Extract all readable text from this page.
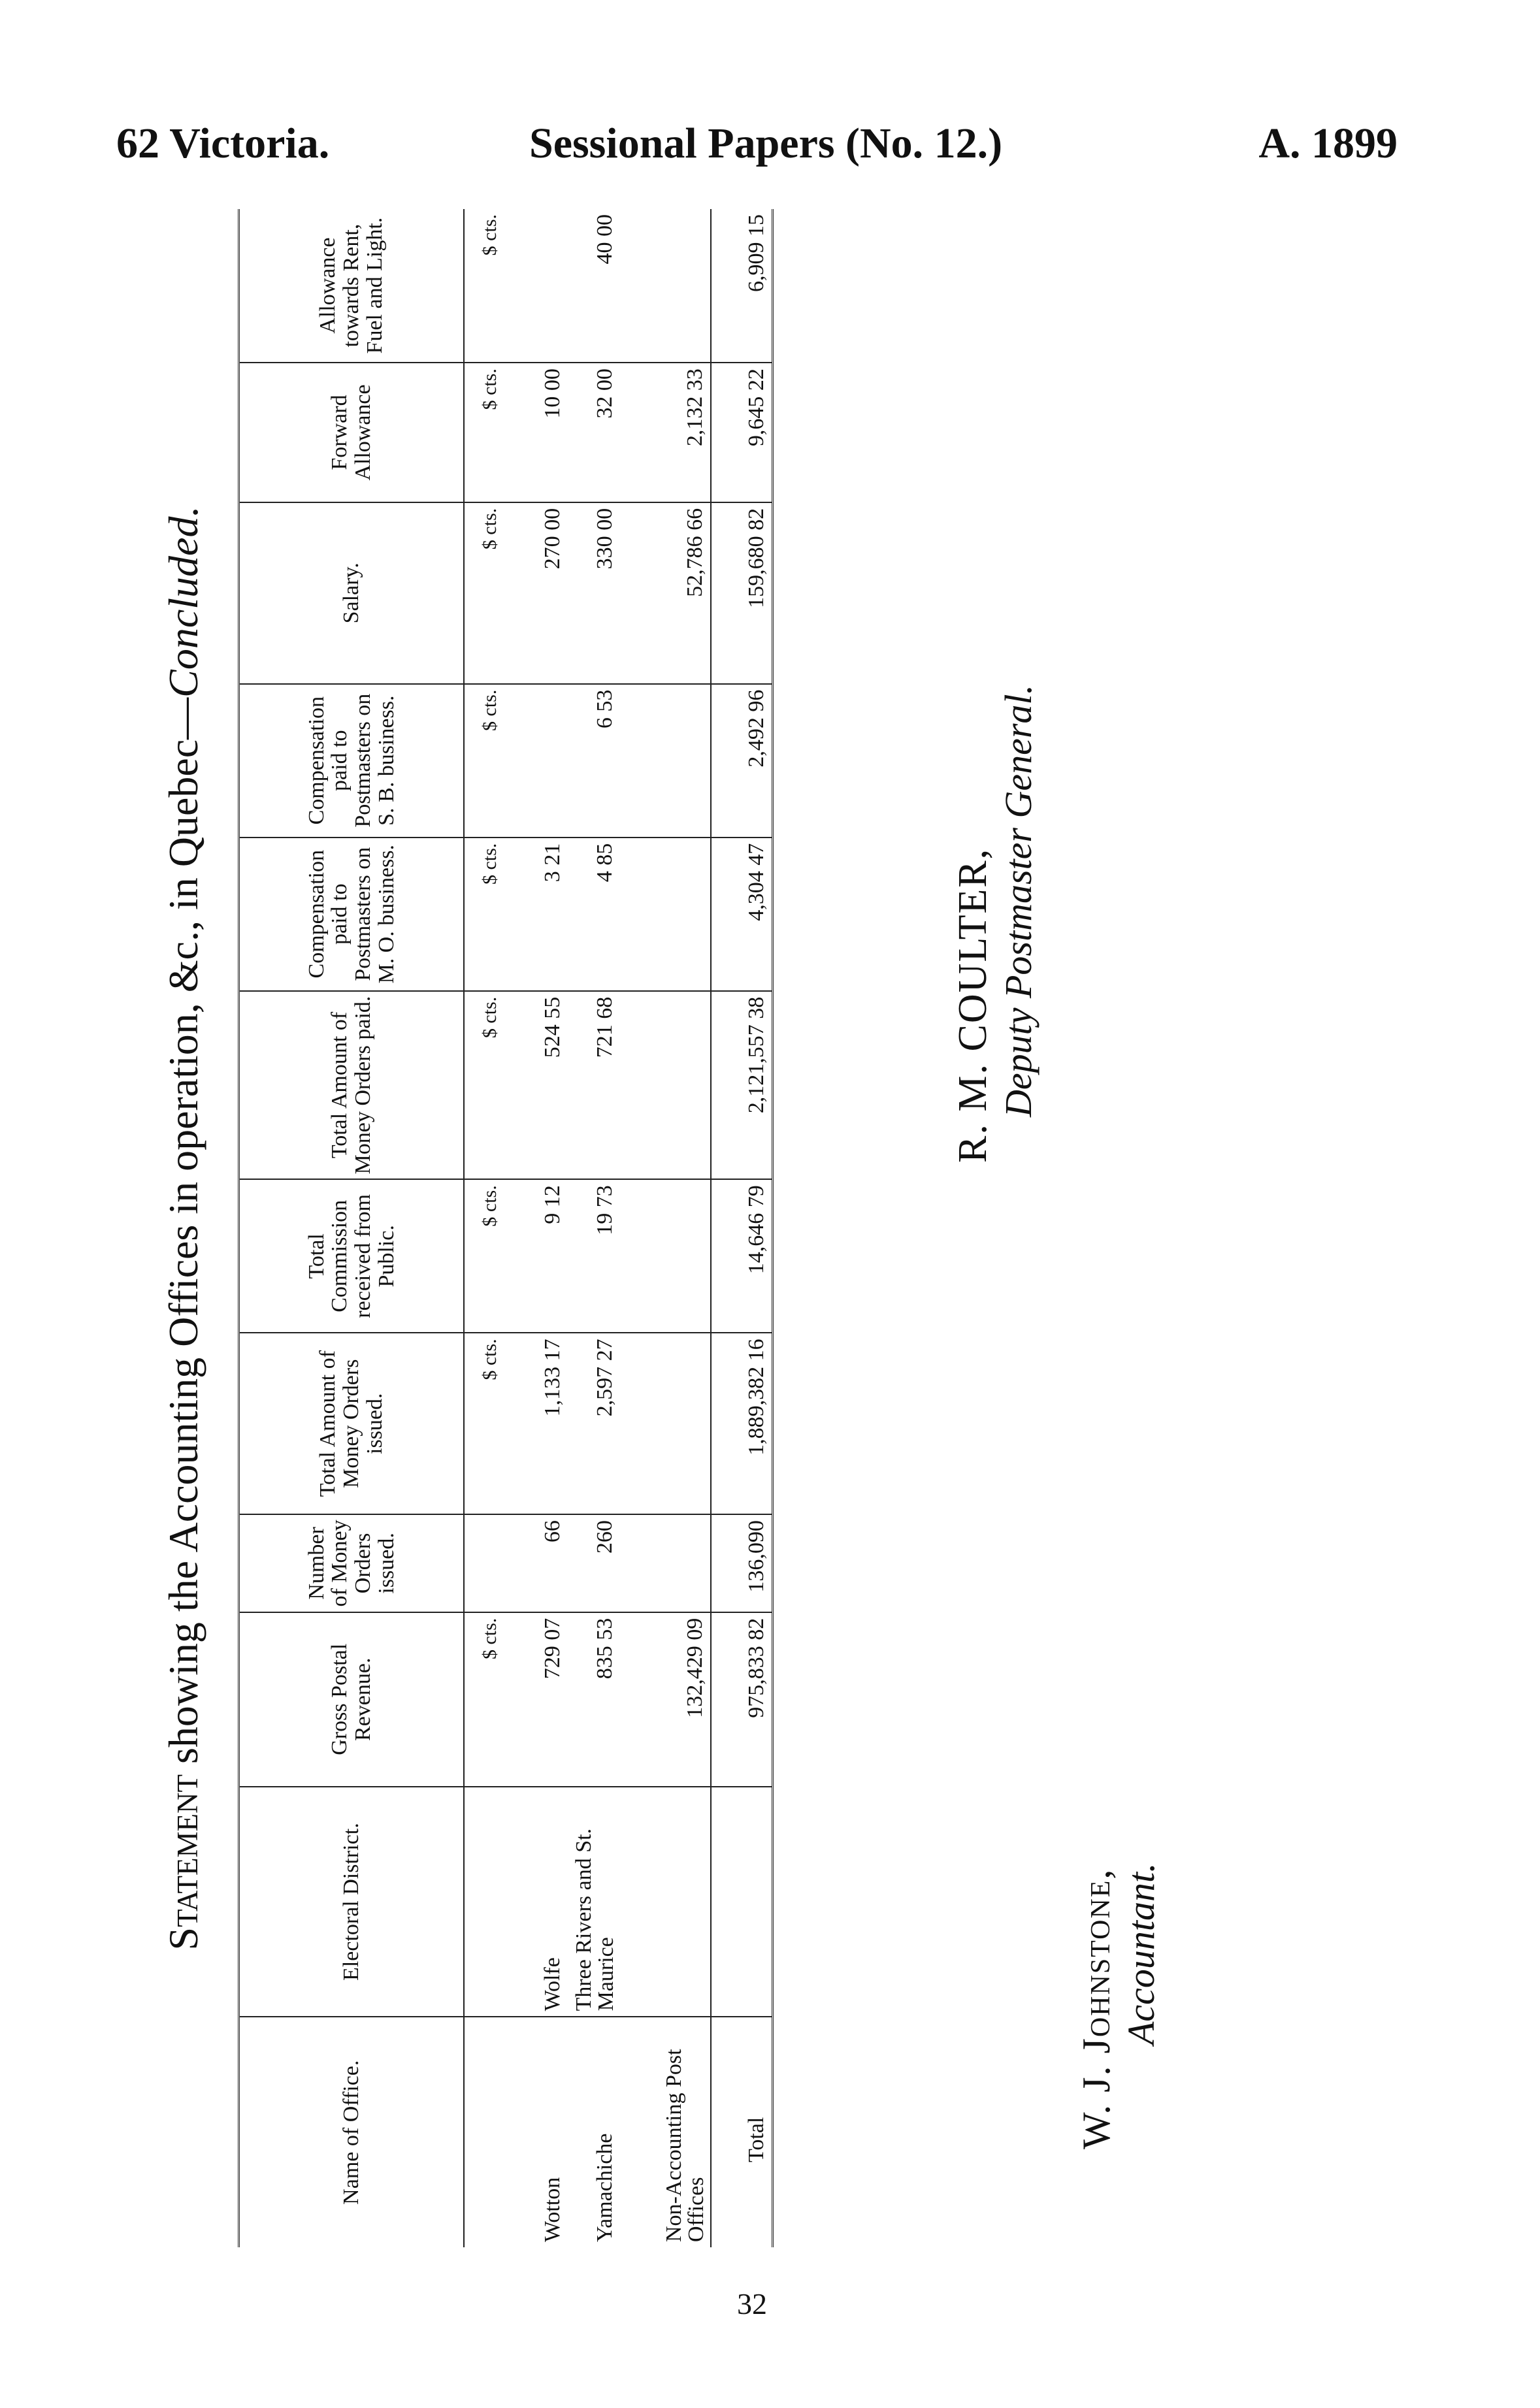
62 Victoria.	Sessional Papers (No. 12.)	A. 1899
Statement showing the Accounting Offices in operation, &c., in Quebec—Concluded.
Name of Office.	Electoral District.	Gross Postal Revenue.	Number of Money Orders issued.	Total Amount of Money Orders issued.	Total Commission received from Public.	Total Amount of Money Orders paid.	Compensation paid to Postmasters on M. O. business.	Compensation paid to Postmasters on S. B. business.	Salary.	Forward Allowance	Allowance towards Rent, Fuel and Light.
		$ cts.		$ cts.	$ cts.	$ cts.	$ cts.	$ cts.	$ cts.	$ cts.	$ cts.
Wotton	Wolfe	729 07	66	1,133 17	9 12	524 55	3 21		270 00	10 00	
Yamachiche	Three Rivers and St. Maurice	835 53	260	2,597 27	19 73	721 68	4 85	6 53	330 00	32 00	40 00
Non-Accounting Post Offices		132,429 09							52,786 66	2,132 33	
Total		975,833 82	136,090	1,889,382 16	14,646 79	2,121,557 38	4,304 47	2,492 96	159,680 82	9,645 22	6,909 15
R. M. COULTER, Deputy Postmaster General.
W. J. Johnstone, Accountant.
32
